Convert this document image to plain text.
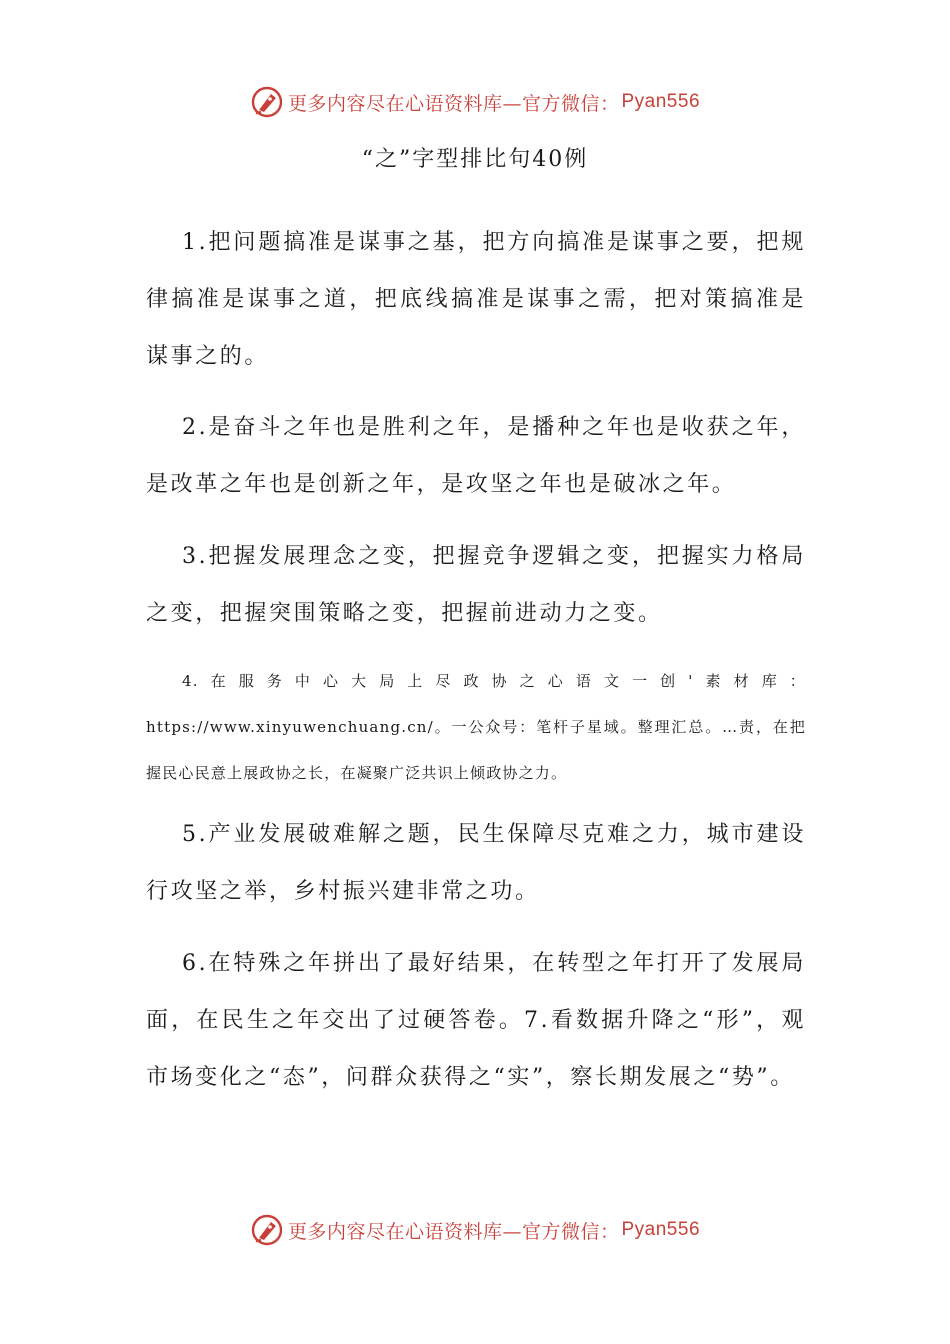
更多内容尽在心语资料库—官方微信： Pyan556
“之”字型排比句40例

1.把问题搞准是谋事之基，把方向搞准是谋事之要，把规律搞准是谋事之道，把底线搞准是谋事之需，把对策搞准是谋事之的。

2.是奋斗之年也是胜利之年，是播种之年也是收获之年，是改革之年也是创新之年，是攻坚之年也是破冰之年。

3.把握发展理念之变，把握竞争逻辑之变，把握实力格局之变，把握突围策略之变，把握前进动力之变。

4.在服务中心大局上尽政协之心语文一创'素材库：https://www.xinyuwenchuang.cn/。一公众号：笔杆子星域。整理汇总。…责，在把握民心民意上展政协之长，在凝聚广泛共识上倾政协之力。

5.产业发展破难解之题，民生保障尽克难之力，城市建设行攻坚之举，乡村振兴建非常之功。

6.在特殊之年拼出了最好结果，在转型之年打开了发展局面，在民生之年交出了过硬答卷。7.看数据升降之“形”，观市场变化之“态”，问群众获得之“实”，察长期发展之“势”。

更多内容尽在心语资料库—官方微信： Pyan556
